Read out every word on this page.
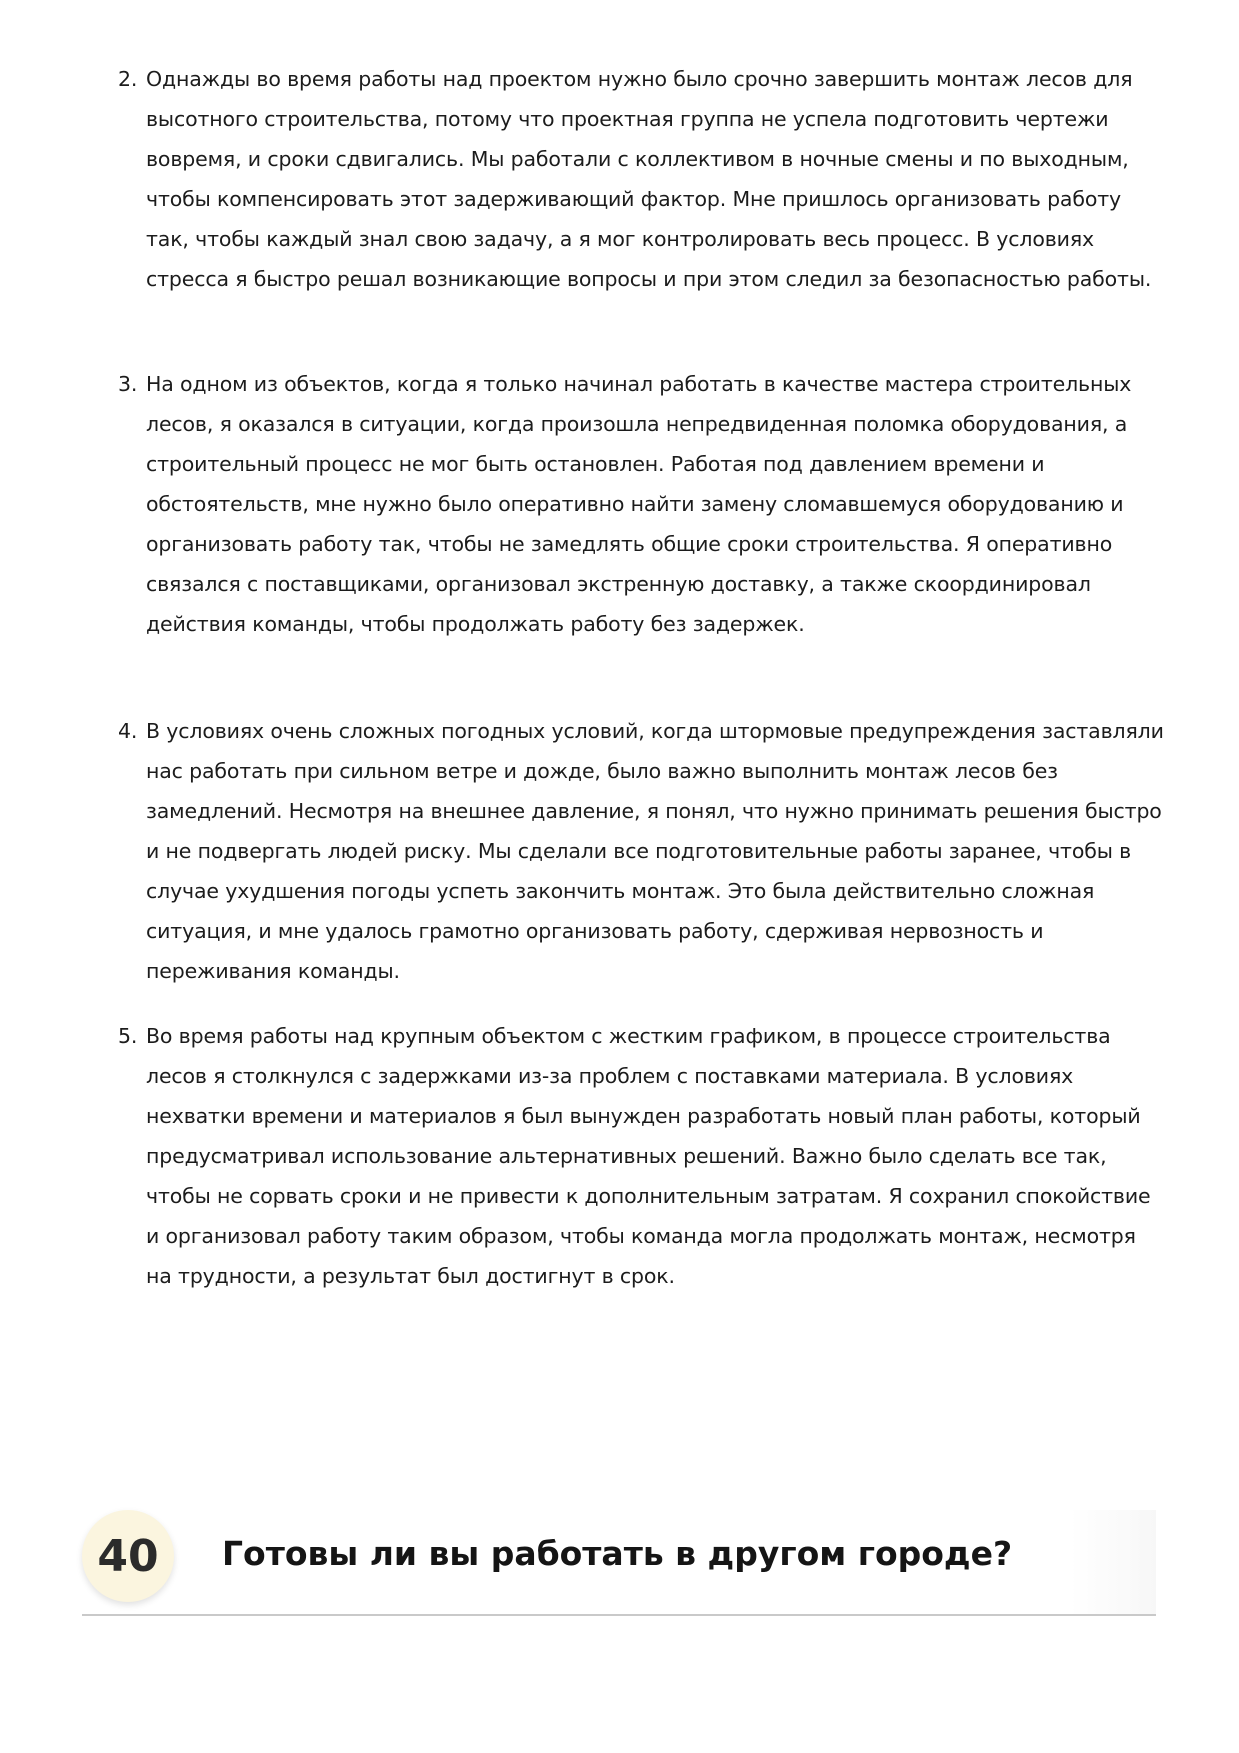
2. Однажды во время работы над проектом нужно было срочно завершить монтаж лесов для высотного строительства, потому что проектная группа не успела подготовить чертежи вовремя, и сроки сдвигались. Мы работали с коллективом в ночные смены и по выходным, чтобы компенсировать этот задерживающий фактор. Мне пришлось организовать работу так, чтобы каждый знал свою задачу, а я мог контролировать весь процесс. В условиях стресса я быстро решал возникающие вопросы и при этом следил за безопасностью работы.
3. На одном из объектов, когда я только начинал работать в качестве мастера строительных лесов, я оказался в ситуации, когда произошла непредвиденная поломка оборудования, а строительный процесс не мог быть остановлен. Работая под давлением времени и обстоятельств, мне нужно было оперативно найти замену сломавшемуся оборудованию и организовать работу так, чтобы не замедлять общие сроки строительства. Я оперативно связался с поставщиками, организовал экстренную доставку, а также скоординировал действия команды, чтобы продолжать работу без задержек.
4. В условиях очень сложных погодных условий, когда штормовые предупреждения заставляли нас работать при сильном ветре и дожде, было важно выполнить монтаж лесов без замедлений. Несмотря на внешнее давление, я понял, что нужно принимать решения быстро и не подвергать людей риску. Мы сделали все подготовительные работы заранее, чтобы в случае ухудшения погоды успеть закончить монтаж. Это была действительно сложная ситуация, и мне удалось грамотно организовать работу, сдерживая нервозность и переживания команды.
5. Во время работы над крупным объектом с жестким графиком, в процессе строительства лесов я столкнулся с задержками из-за проблем с поставками материала. В условиях нехватки времени и материалов я был вынужден разработать новый план работы, который предусматривал использование альтернативных решений. Важно было сделать все так, чтобы не сорвать сроки и не привести к дополнительным затратам. Я сохранил спокойствие и организовал работу таким образом, чтобы команда могла продолжать монтаж, несмотря на трудности, а результат был достигнут в срок.
40	Готовы ли вы работать в другом городе?
